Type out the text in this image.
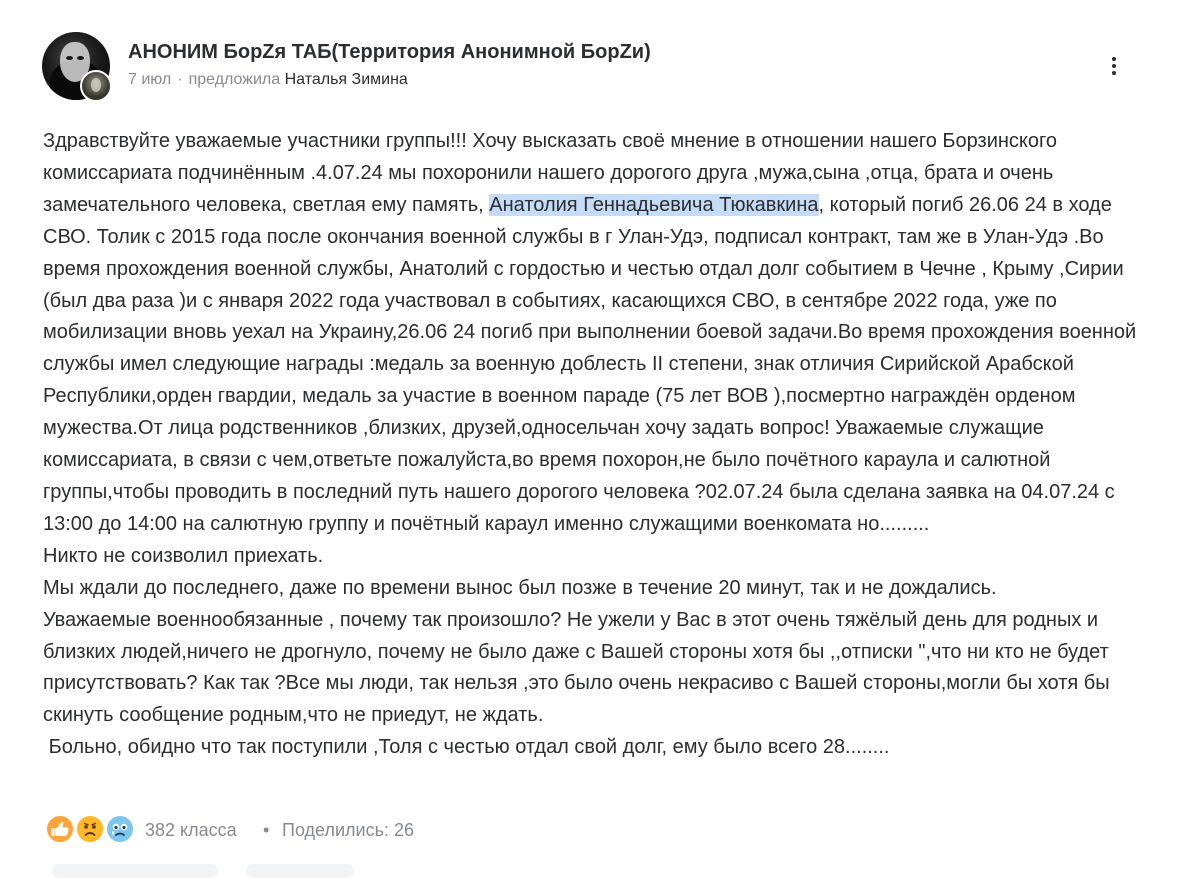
АНОНИМ БорZя ТАБ(Территория Анонимной БорZи)
7 июл · предложила Наталья Зимина
Здравствуйте уважаемые участники группы!!! Хочу высказать своё мнение в отношении нашего Борзинского комиссариата подчинённым .4.07.24 мы похоронили нашего дорогого друга ,мужа,сына ,отца, брата и очень замечательного человека, светлая ему память, Анатолия Геннадьевича Тюкавкина, который погиб 26.06 24 в ходе СВО. Толик с 2015 года после окончания военной службы в г Улан-Удэ, подписал контракт, там же в Улан-Удэ .Во время прохождения военной службы, Анатолий с гордостью и честью отдал долг событием в Чечне , Крыму ,Сирии (был два раза )и с января 2022 года участвовал в событиях, касающихся СВО, в сентябре 2022 года, уже по мобилизации вновь уехал на Украину,26.06 24 погиб при выполнении боевой задачи.Во время прохождения военной службы имел следующие награды :медаль за военную доблесть II степени, знак отличия Сирийской Арабской Республики,орден гвардии, медаль за участие в военном параде (75 лет ВОВ ),посмертно награждён орденом мужества.От лица родственников ,близких, друзей,односельчан хочу задать вопрос! Уважаемые служащие комиссариата, в связи с чем,ответьте пожалуйста,во время похорон,не было почётного караула и салютной группы,чтобы проводить в последний путь нашего дорогого человека ?02.07.24 была сделана заявка на 04.07.24 с 13:00 до 14:00 на салютную группу и почётный караул именно служащими военкомата но.........
Никто не соизволил приехать.
Мы ждали до последнего, даже по времени вынос был позже в течение 20 минут, так и не дождались.
Уважаемые военнообязанные , почему так произошло? Не ужели у Вас в этот очень тяжёлый день для родных и близких людей,ничего не дрогнуло, почему не было даже с Вашей стороны хотя бы ,,отписки ",что ни кто не будет присутствовать? Как так ?Все мы люди, так нельзя ,это было очень некрасиво с Вашей стороны,могли бы хотя бы скинуть сообщение родным,что не приедут, не ждать.
Больно, обидно что так поступили ,Толя с честью отдал свой долг, ему было всего 28........
382 класса • Поделились: 26
